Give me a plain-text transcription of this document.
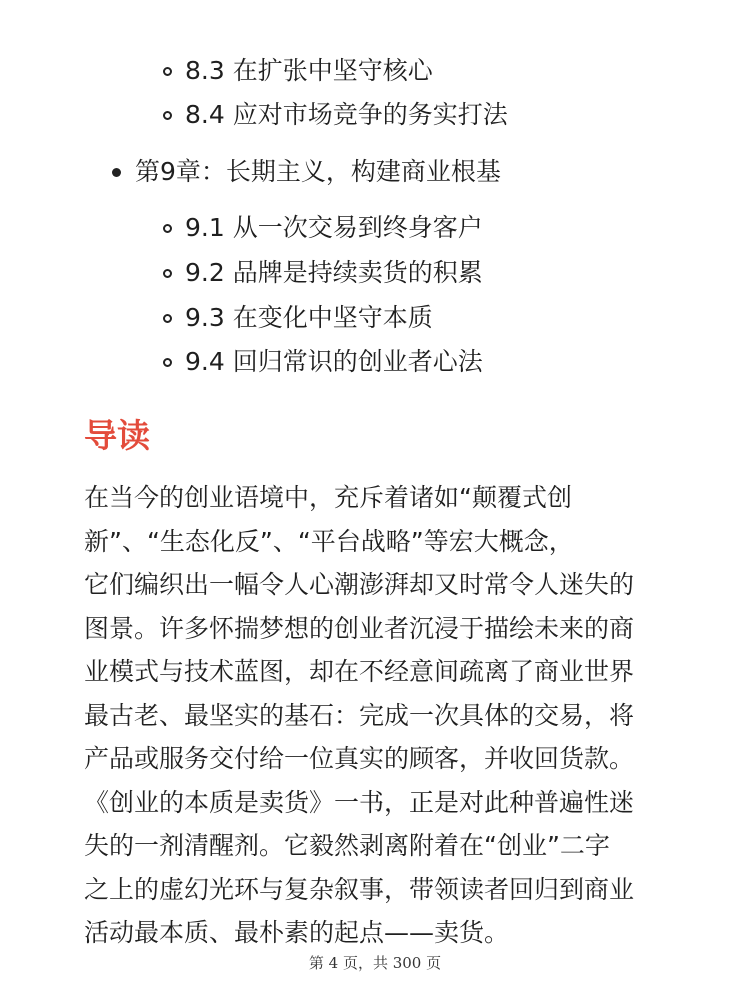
8.3 在扩张中坚守核心
8.4 应对市场竞争的务实打法
第9章：长期主义，构建商业根基
9.1 从一次交易到终身客户
9.2 品牌是持续卖货的积累
9.3 在变化中坚守本质
9.4 回归常识的创业者心法
导读
在当今的创业语境中，充斥着诸如“颠覆式创
新”、“生态化反”、“平台战略”等宏大概念，
它们编织出一幅令人心潮澎湃却又时常令人迷失的
图景。许多怀揣梦想的创业者沉浸于描绘未来的商
业模式与技术蓝图，却在不经意间疏离了商业世界
最古老、最坚实的基石：完成一次具体的交易，将
产品或服务交付给一位真实的顾客，并收回货款。
《创业的本质是卖货》一书，正是对此种普遍性迷
失的一剂清醒剂。它毅然剥离附着在“创业”二字
之上的虚幻光环与复杂叙事，带领读者回归到商业
活动最本质、最朴素的起点——卖货。
第 4 页，共 300 页
